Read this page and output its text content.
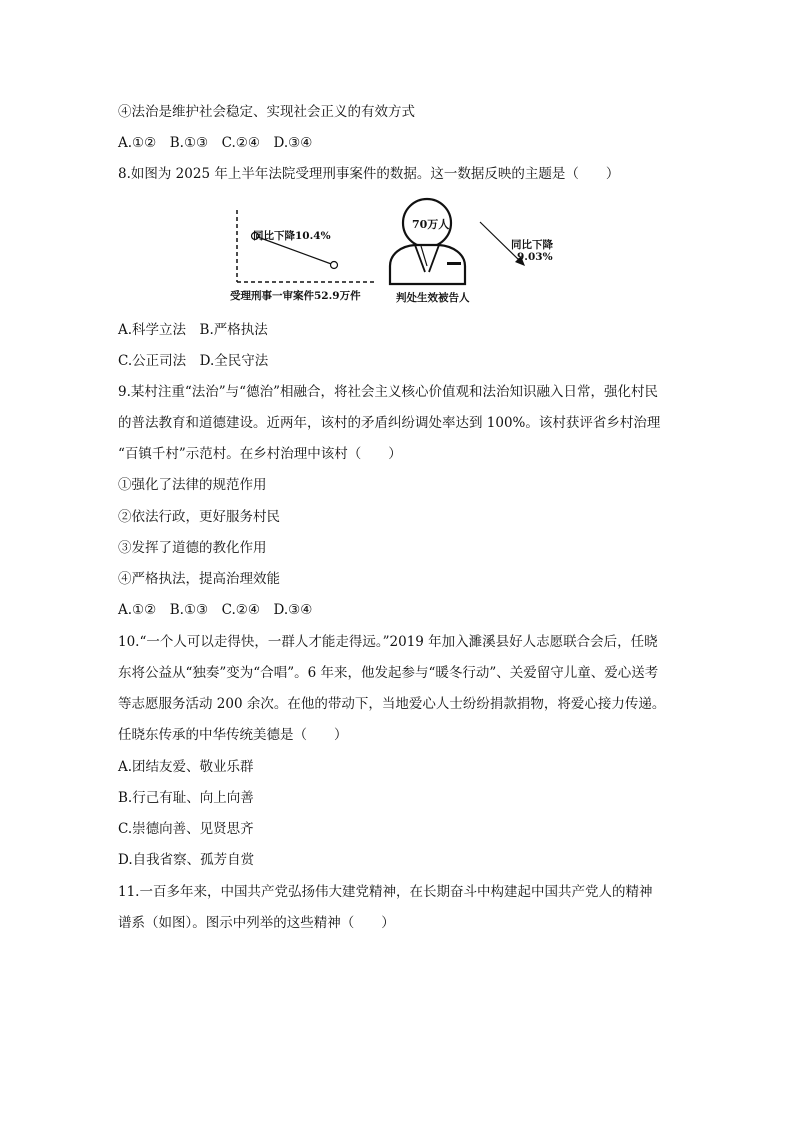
④法治是维护社会稳定、实现社会正义的有效方式
A.①②　B.①③　C.②④　D.③④
8.如图为 2025 年上半年法院受理刑事案件的数据。这一数据反映的主题是（　　）
同比下降10.4%
受理刑事一审案件52.9万件
70万人
判处生效被告人
同比下降
9.03%
A.科学立法　B.严格执法
C.公正司法　D.全民守法
9.某村注重“法治”与“德治”相融合，将社会主义核心价值观和法治知识融入日常，强化村民
的普法教育和道德建设。近两年，该村的矛盾纠纷调处率达到 100%。该村获评省乡村治理
“百镇千村”示范村。在乡村治理中该村（　　）
①强化了法律的规范作用
②依法行政，更好服务村民
③发挥了道德的教化作用
④严格执法，提高治理效能
A.①②　B.①③　C.②④　D.③④
10.“一个人可以走得快，一群人才能走得远。”2019 年加入濉溪县好人志愿联合会后，任晓
东将公益从“独奏”变为“合唱”。6 年来，他发起参与“暖冬行动”、关爱留守儿童、爱心送考
等志愿服务活动 200 余次。在他的带动下，当地爱心人士纷纷捐款捐物，将爱心接力传递。
任晓东传承的中华传统美德是（　　）
A.团结友爱、敬业乐群
B.行己有耻、向上向善
C.崇德向善、见贤思齐
D.自我省察、孤芳自赏
11.一百多年来，中国共产党弘扬伟大建党精神，在长期奋斗中构建起中国共产党人的精神
谱系（如图）。图示中列举的这些精神（　　）
